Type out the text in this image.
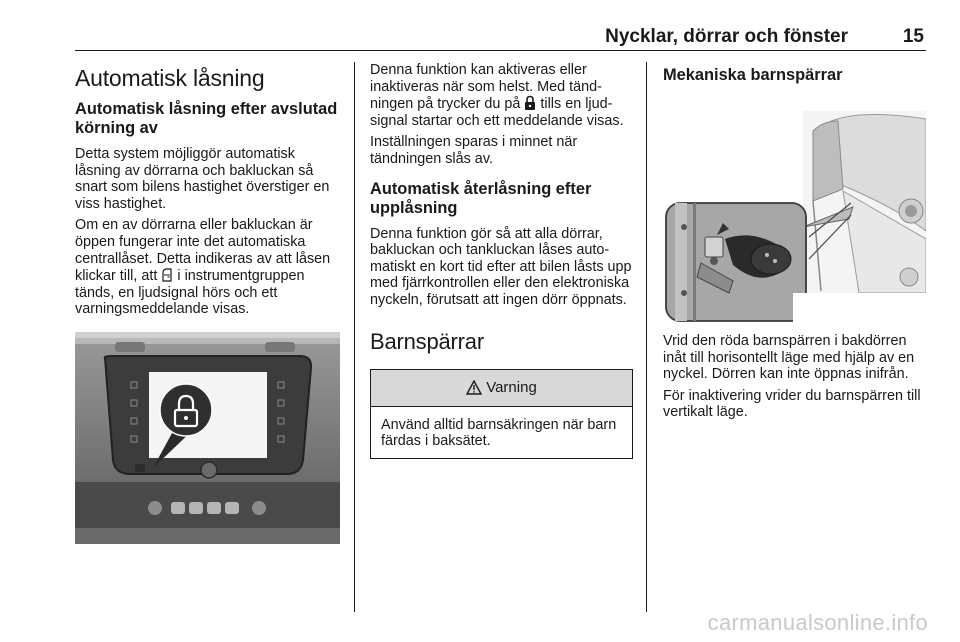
Nycklar, dörrar och fönster	15
Automatisk låsning
Automatisk låsning efter avslutad körning av

Detta system möjliggör automatisk låsning av dörrarna och bakluckan så snart som bilens hastighet överstiger en viss hastighet.

Om en av dörrarna eller bakluckan är öppen fungerar inte det automatiska centrallåset. Detta indikeras av att låsen klickar till, att i instrumentgruppen tänds, en ljudsignal hörs och ett varningsmeddelande visas.

Denna funktion kan aktiveras eller inaktiveras när som helst. Med tändningen på trycker du på tills en ljudsignal startar och ett meddelande visas.

Inställningen sparas i minnet när tändningen slås av.

Automatisk återlåsning efter upplåsning

Denna funktion gör så att alla dörrar, bakluckan och tankluckan låses automatiskt en kort tid efter att bilen låsts upp med fjärrkontrollen eller den elektroniska nyckeln, förutsatt att ingen dörr öppnats.

Barnspärrar
Varning

Använd alltid barnsäkringen när barn färdas i baksätet.

Mekaniska barnspärrar

Vrid den röda barnspärren i bakdörren inåt till horisontellt läge med hjälp av en nyckel. Dörren kan inte öppnas inifrån.

För inaktivering vrider du barnspärren till vertikalt läge.

carmanualsonline.info
